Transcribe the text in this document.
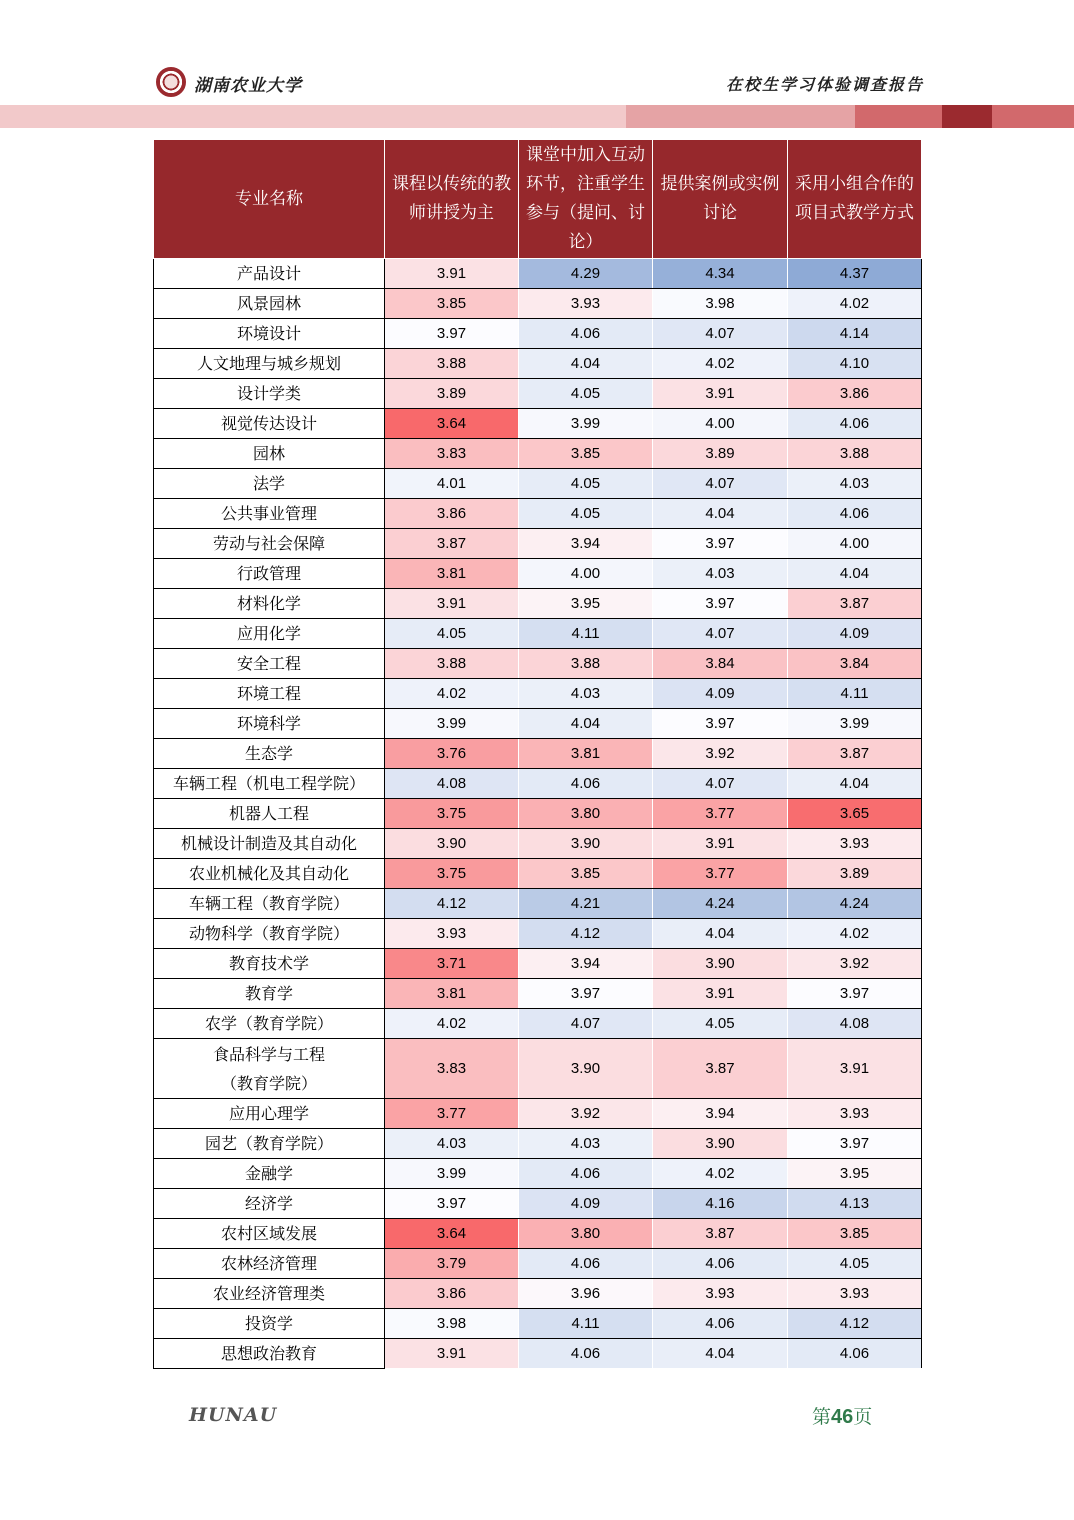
湖南农业大学	在校生学习体验调查报告
专业名称	课程以传统的教师讲授为主	课堂中加入互动环节，注重学生参与（提问、讨论）	提供案例或实例讨论	采用小组合作的项目式教学方式
产品设计	3.91	4.29	4.34	4.37
风景园林	3.85	3.93	3.98	4.02
环境设计	3.97	4.06	4.07	4.14
人文地理与城乡规划	3.88	4.04	4.02	4.10
设计学类	3.89	4.05	3.91	3.86
视觉传达设计	3.64	3.99	4.00	4.06
园林	3.83	3.85	3.89	3.88
法学	4.01	4.05	4.07	4.03
公共事业管理	3.86	4.05	4.04	4.06
劳动与社会保障	3.87	3.94	3.97	4.00
行政管理	3.81	4.00	4.03	4.04
材料化学	3.91	3.95	3.97	3.87
应用化学	4.05	4.11	4.07	4.09
安全工程	3.88	3.88	3.84	3.84
环境工程	4.02	4.03	4.09	4.11
环境科学	3.99	4.04	3.97	3.99
生态学	3.76	3.81	3.92	3.87
车辆工程（机电工程学院）	4.08	4.06	4.07	4.04
机器人工程	3.75	3.80	3.77	3.65
机械设计制造及其自动化	3.90	3.90	3.91	3.93
农业机械化及其自动化	3.75	3.85	3.77	3.89
车辆工程（教育学院）	4.12	4.21	4.24	4.24
动物科学（教育学院）	3.93	4.12	4.04	4.02
教育技术学	3.71	3.94	3.90	3.92
教育学	3.81	3.97	3.91	3.97
农学（教育学院）	4.02	4.07	4.05	4.08

食品科学与工程
（教育学院）	3.83	3.90	3.87	3.91
应用心理学	3.77	3.92	3.94	3.93
园艺（教育学院）	4.03	4.03	3.90	3.97
金融学	3.99	4.06	4.02	3.95
经济学	3.97	4.09	4.16	4.13
农村区域发展	3.64	3.80	3.87	3.85
农林经济管理	3.79	4.06	4.06	4.05
农业经济管理类	3.86	3.96	3.93	3.93
投资学	3.98	4.11	4.06	4.12
思想政治教育	3.91	4.06	4.04	4.06
HUNAU	第46页
